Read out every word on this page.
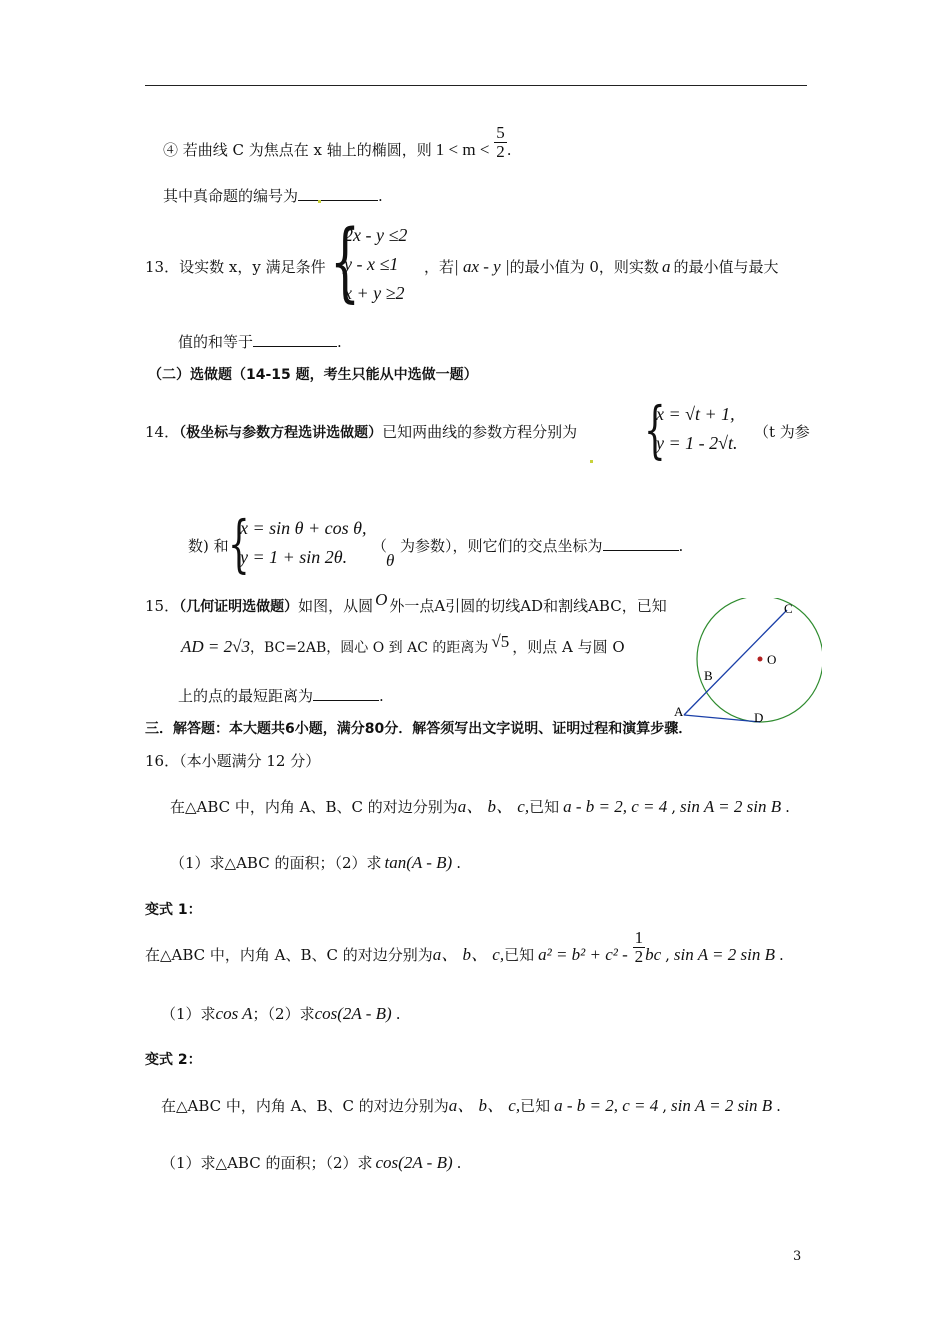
④ 若曲线 C 为焦点在 x 轴上的椭圆，则 $1 < m < \frac{5}{2}$ .
其中真命题的编号为	.
13．设实数 x，y 满足条件 {
2x - y ≤2
y - x ≤1
x + y ≥2
，若| ax - y |的最小值为 0，则实数 a 的最小值与最大
值的和等于	.
（二）选做题（14-15 题，考生只能从中选做一题）
14．（极坐标与参数方程选讲选做题）已知两曲线的参数方程分别为 {
x = √t + 1,
y = 1 - 2√t.
（t 为参
数) 和 {
x = sin θ + cos θ,
y = 1 + sin 2θ.
（
θ
为参数），则它们的交点坐标为	.
15．（几何证明选做题）如图，从圆 O 外一点A引圆的切线AD和割线ABC，已知
AD = 2√3，BC=2AB，圆心 O 到 AC 的距离为 √5 ，则点 A 与圆 O
上的点的最短距离为	.
C
B
O
A	D
三．解答题：本大题共6小题，满分80分．解答须写出文字说明、证明过程和演算步骤．
16．（本小题满分 12 分）
在△ABC 中，内角 A、B、C 的对边分别为a、 b、 c,已知 a - b = 2, c = 4 , sin A = 2 sin B .
（1）求△ABC 的面积；（2）求 tan(A - B) .
变式 1：
在△ABC 中，内角 A、B、C 的对边分别为a、 b、 c,已知 $a^2 = b^2 + c^2 - \frac{1}{2}$ bc , sin A = 2 sin B .
（1）求cos A；（2）求cos(2A - B) .
变式 2：
在△ABC 中，内角 A、B、C 的对边分别为a、 b、 c,已知 a - b = 2, c = 4 , sin A = 2 sin B .
（1）求△ABC 的面积；（2）求 cos(2A - B) .
3
